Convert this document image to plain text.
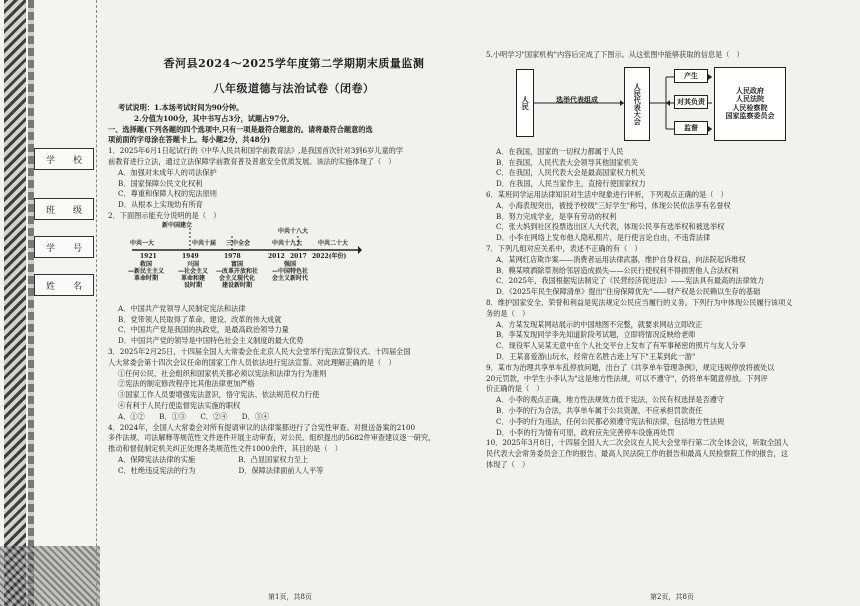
学　　校
班　　级
学　　号
姓　　名
香河县2024～2025学年度第二学期期末质量监测
八年级道德与法治试卷（闭卷）
考试说明：1.本场考试时间为90分钟。
2.分值为100分，其中书写占3分，试题占97分。
一、选择题(下列各题的四个选项中,只有一项是最符合题意的。请将最符合题意的选
项前面的字母涂在答题卡上。每小题2分，共48分)
1．2025年6月1日起试行的《中华人民共和国学前教育法》,是我国首次针对3到6岁儿童的学
前教育进行立法，通过立法保障学前教育普及普惠安全优质发展。该法的实施体现了（　）
A．加强对未成年人的司法保护
B．国家保障公民文化权利
C．尊重和保障人权的宪法原则
D．从根本上实现幼有所育
2．下面图示能充分说明的是（　）
新中国建立
中共一大	中共十届 三中全会
中共十八大
中共十九大	中共二十大
1921	1949	1978	2012 2017 2022(年份)
救国
—新民主主义
革命时期
兴国
—社会主义
革命和建
设时期
富国
—改革开放和社
会主义现代化
建设新时期
强国
—中国特色社
会主义新时代
A．中国共产党领导人民制定宪法和法律
B．党带领人民取得了革命、建设、改革的伟大成就
C．中国共产党是我国的执政党，是最高政治领导力量
D．中国共产党的领导是中国特色社会主义制度的最大优势
3．2025年2月25日，十四届全国人大常委会在北京人民大会堂举行宪法宣誓仪式。十四届全国
人大常委会第十四次会议任命的国家工作人员依法进行宪法宣誓。对此理解正确的是（　）
①任何公民、社会组织和国家机关都必须以宪法和法律为行为准则
②宪法的制定修改程序比其他法律更加严格
③国家工作人员要增强宪法意识，恪守宪法、依法规范权力行使
④有利于人民行使监督宪法实施的职权
A．①②　　B．①③　　C．②④　　D．③④
4．2024年，全国人大常委会对所有提请审议的法律案都进行了合宪性审查。对报送备案的2100
多件法规、司法解释等规范性文件逐件开展主动审查，对公民、组织提出的5682件审查建议逐一研究，
推动和督促制定机关纠正处理各类规范性文件1000余件，其目的是（　）
A．保障宪法法律的实施　　　　　　B．凸显国家权力至上
C．杜绝违反宪法的行为　　　　　　D．保障法律面前人人平等
第1页，共8页
5.小明学习"国家机构"内容后完成了下图示。从这张图中能够获取的信息是（　）
人民	选举代表组成	人民代表大会
产生
对其负责
监督
人民政府
人民法院
人民检察院
国家监察委员会
A．在我国，国家的一切权力都属于人民
B．在我国，人民代表大会领导其他国家机关
C．在我国，人民代表大会是最高国家权力机关
D．在我国，人民当家作主，直接行使国家权力
6．某班同学运用法律知识对生活中现象进行评析，下列观点正确的是（　）
A．小海表现突出，被授予校级"三好学生"称号，体现公民依法享有名誉权
B．努力完成学业，是享有劳动的权利
C．张大妈到社区投票选出区人大代表，体现公民享有选举权和被选举权
D．小李在网络上发布他人隐私照片，是行使言论自由，不违背法律
7．下列几组对应关系中，表述不正确的有（　）
A．某网红店欺诈案——消费者运用法律武器，维护自身权益，向法院起诉维权
B．糗某喷洒除草剂给邻居造成损失——公民行使权利不得损害他人合法权利
C．2025年，我国根据宪法制定了《民营经济促进法》——宪法具有最高的法律效力
D．《2025年民生保障清单》提出"住房保障优先"——财产权是公民赖以生存的基础
8．维护国家安全、荣誉和利益是宪法规定公民应当履行的义务。下列行为中体现公民履行该项义
务的是（　）
A．方某发现某网站展示的中国地图不完整，就要求网站立即改正
B．李某发现同学李先知道阶段考试题，立即将情况反映给老师
C．现役军人吴某无意中在个人社交平台上发布了有军事秘密的照片与友人分享
D．王某喜爱游山玩水，经常在名胜古迹上写下"王某到此一游"
9．某市为治理共享单车乱停放问题，出台了《共享单车管理条例》，规定违规停放将被处以
20元罚款，中学生小李认为"这是地方性法规，可以不遵守"，仍将单车随意停放。下列评
价正确的是（　）
A．小李的观点正确，地方性法规效力低于宪法，公民有权选择是否遵守
B．小李的行为合法，共享单车属于公共资源，不应承担罚款责任
C．小李的行为违法，任何公民都必须遵守宪法和法律，包括地方性法规
D．小李的行为情有可原，政府应先完善停车设施再处罚
10．2025年3月8日，十四届全国人大二次会议在人民大会堂举行第二次全体会议，听取全国人
民代表大会常务委员会工作的报告、最高人民法院工作的报告和最高人民检察院工作的报告，这
体现了（　）
第2页，共8页
